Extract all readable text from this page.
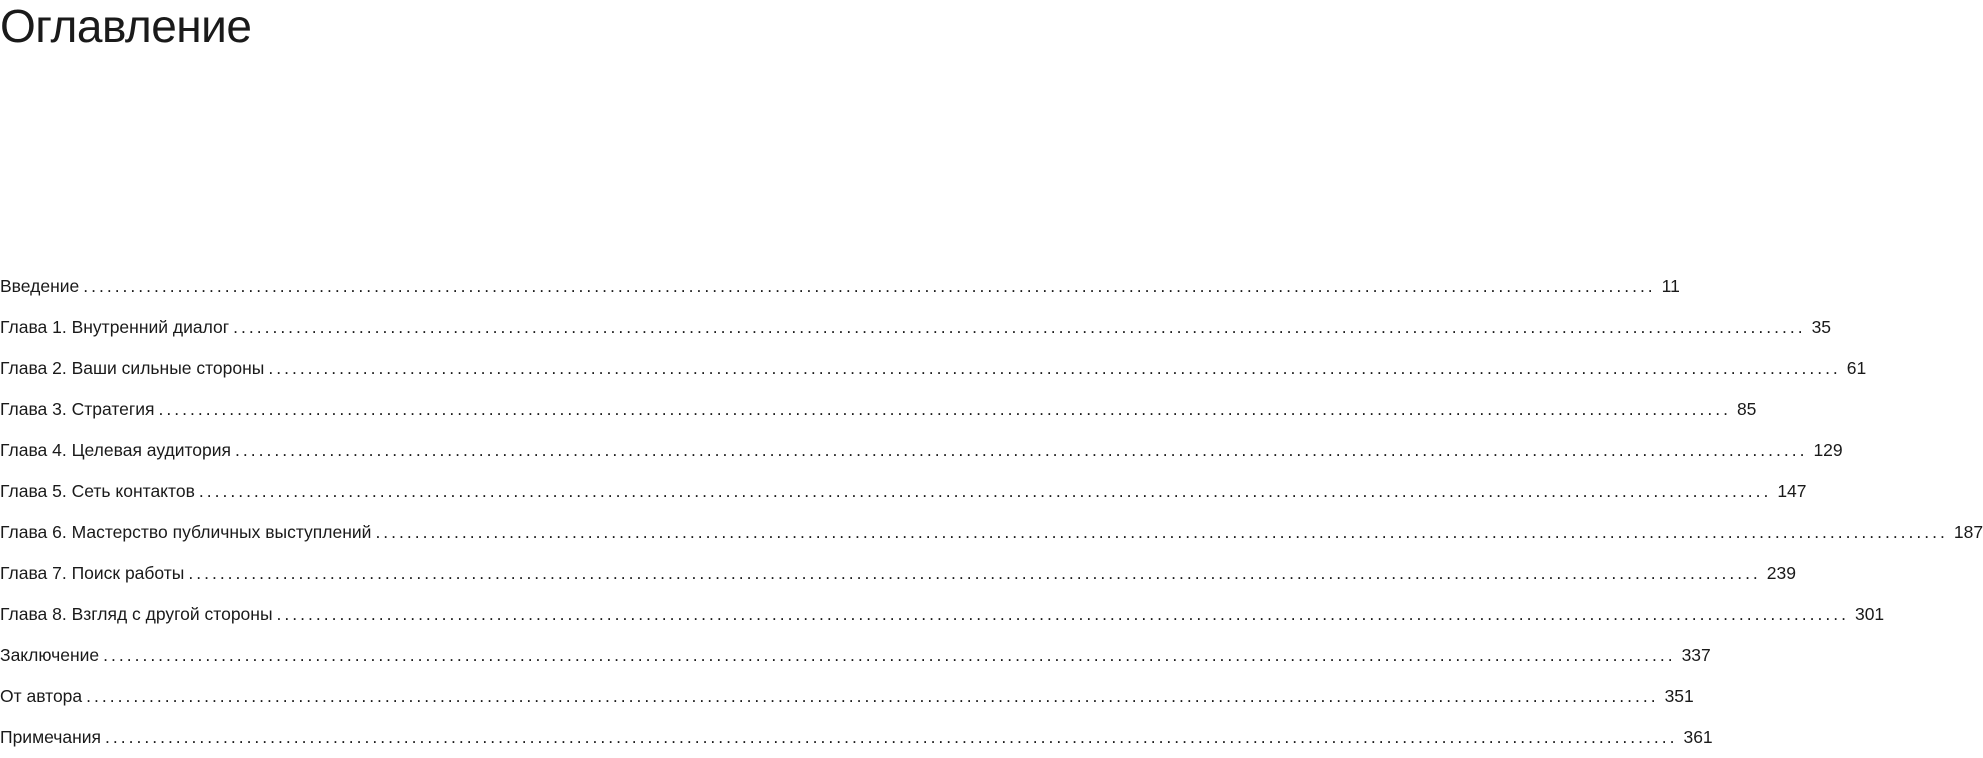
Оглавление
Введение ........................................................................................................................................................................................................ 11
Глава 1. Внутренний диалог ........................................................................................................................................................................................................ 35
Глава 2. Ваши сильные стороны ........................................................................................................................................................................................................ 61
Глава 3. Стратегия ........................................................................................................................................................................................................ 85
Глава 4. Целевая аудитория ........................................................................................................................................................................................................ 129
Глава 5. Сеть контактов ........................................................................................................................................................................................................ 147
Глава 6. Мастерство публичных выступлений ........................................................................................................................................................................................................ 187
Глава 7. Поиск работы ........................................................................................................................................................................................................ 239
Глава 8. Взгляд с другой стороны ........................................................................................................................................................................................................ 301
Заключение ........................................................................................................................................................................................................ 337
От автора ........................................................................................................................................................................................................ 351
Примечания ........................................................................................................................................................................................................ 361
